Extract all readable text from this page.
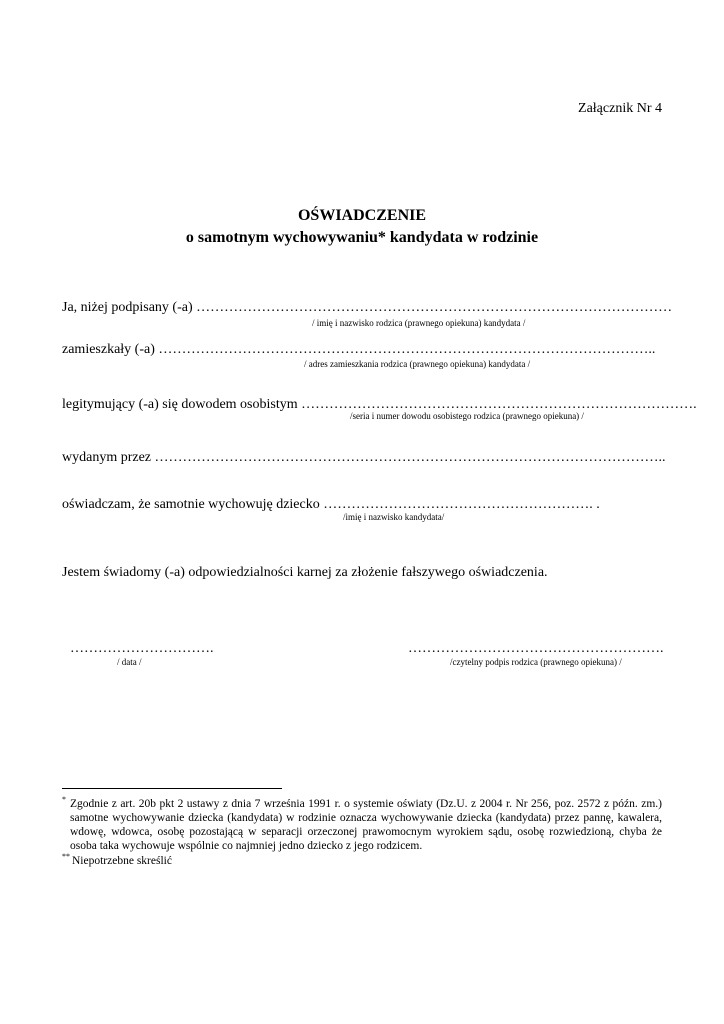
Załącznik Nr 4
OŚWIADCZENIE
o samotnym wychowywaniu* kandydata w rodzinie
Ja, niżej podpisany (-a) …………………………………………………………………………………………
/ imię i nazwisko rodzica (prawnego opiekuna) kandydata /
zamieszkały (-a) ……………………………………………………………………………………………..
/ adres zamieszkania rodzica (prawnego opiekuna) kandydata /
legitymujący (-a) się dowodem osobistym ………………………………………………………………………….
/seria i numer dowodu osobistego rodzica (prawnego opiekuna) /
wydanym przez ………………………………………………………………………………………………..
oświadczam, że samotnie wychowuję dziecko …………………………………………………. .
/imię i nazwisko kandydata/
Jestem świadomy (-a) odpowiedzialności karnej za złożenie fałszywego oświadczenia.
………………………….
/ data /
……………………………………………….
/czytelny podpis rodzica (prawnego opiekuna) /
* Zgodnie z art. 20b pkt 2 ustawy z dnia 7 września 1991 r. o systemie oświaty (Dz.U. z 2004 r. Nr 256, poz. 2572 z późn. zm.) samotne wychowywanie dziecka (kandydata) w rodzinie oznacza wychowywanie dziecka (kandydata) przez pannę, kawalera, wdowę, wdowca, osobę pozostającą w separacji orzeczonej prawomocnym wyrokiem sądu, osobę rozwiedzioną, chyba że osoba taka wychowuje wspólnie co najmniej jedno dziecko z jego rodzicem.
** Niepotrzebne skreślić
